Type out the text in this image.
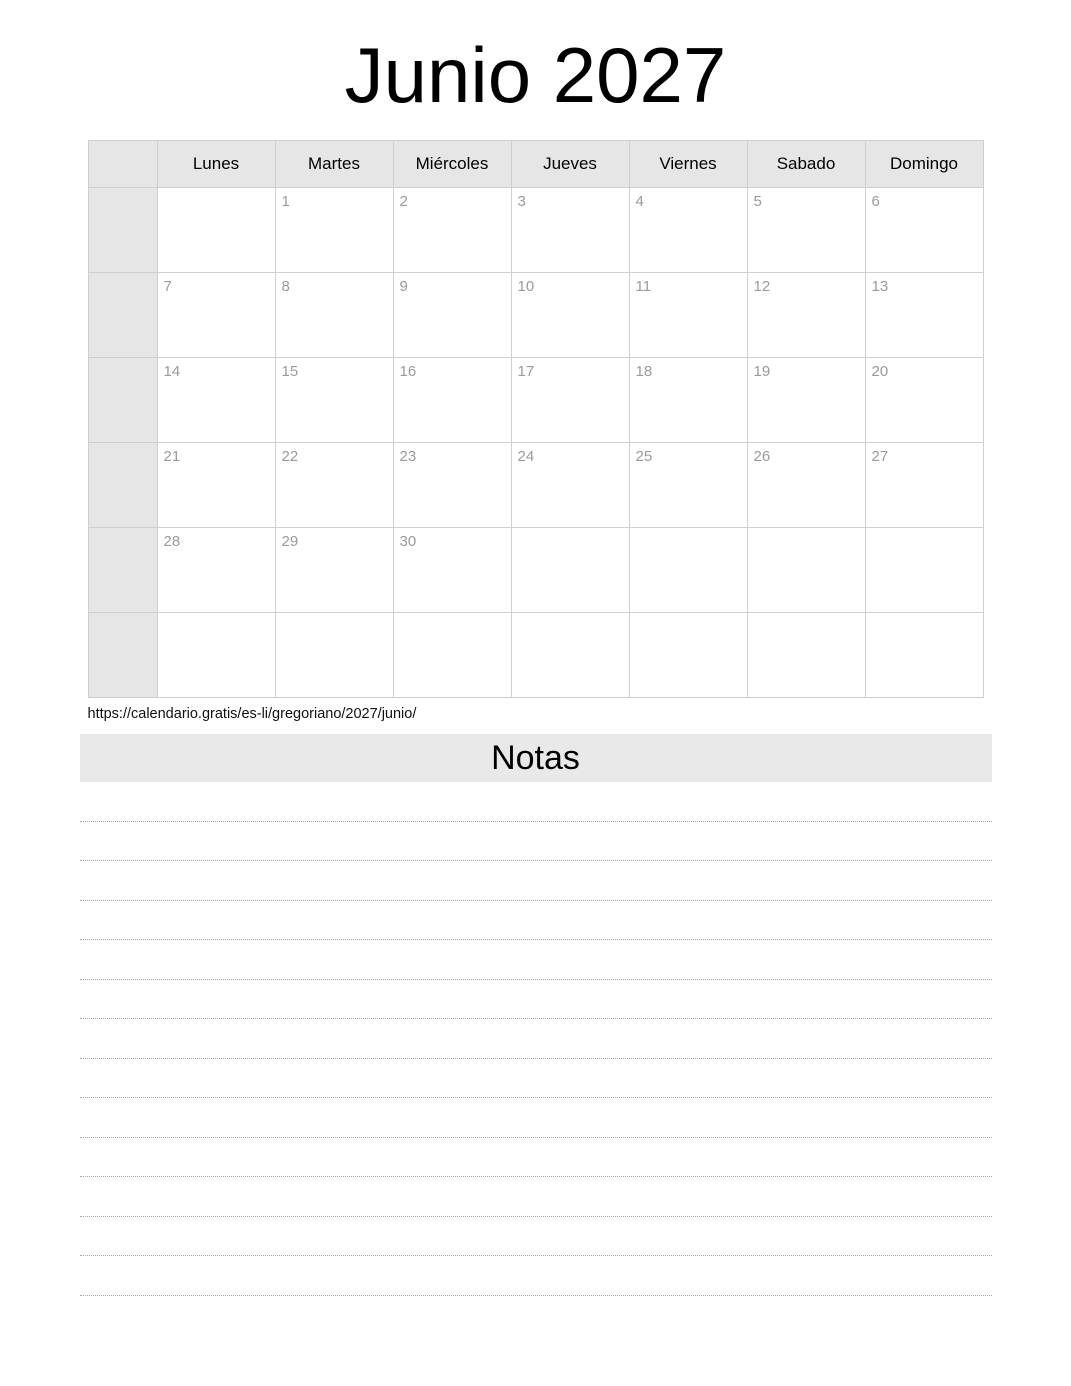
Junio 2027
	Lunes	Martes	Miércoles	Jueves	Viernes	Sabado	Domingo

		1	2	3	4	5	6

	7	8	9	10	11	12	13

	14	15	16	17	18	19	20

	21	22	23	24	25	26	27

	28	29	30				

https://calendario.gratis/es-li/gregoriano/2027/junio/
Notas
